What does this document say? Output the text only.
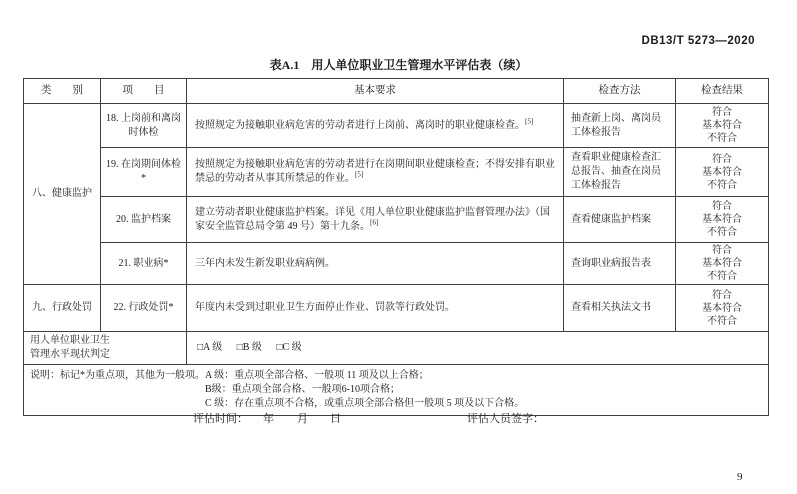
DB13/T 5273—2020
表A.1　用人单位职业卫生管理水平评估表（续）
类　　别	项　　目	基本要求	检查方法	检查结果
八、健康监护	18. 上岗前和离岗时体检	按照规定为接触职业病危害的劳动者进行上岗前、离岗时的职业健康检查。[5]	抽查新上岗、离岗员工体检报告	符合
基本符合
不符合

	19. 在岗期间体检*	按照规定为接触职业病危害的劳动者进行在岗期间职业健康检查；不得安排有职业禁忌的劳动者从事其所禁忌的作业。[5]	查看职业健康检查汇总报告、抽查在岗员工体检报告	符合
基本符合
不符合

	20. 监护档案	建立劳动者职业健康监护档案。详见《用人单位职业健康监护监督管理办法》（国家安全监管总局令第 49 号）第十九条。[6]	查看健康监护档案	符合
基本符合
不符合

	21. 职业病*	三年内未发生新发职业病病例。	查询职业病报告表	符合
基本符合
不符合

九、行政处罚	22. 行政处罚*	年度内未受到过职业卫生方面停止作业、罚款等行政处罚。	查看相关执法文书	符合
基本符合
不符合

用人单位职业卫生
管理水平现状判定		□A 级 □B 级 □C 级		

说明：标记*为重点项，其他为一般项。 A 级：重点项全部合格、一般项 11 项及以上合格；
B级：重点项全部合格、一般项6-10项合格；
C 级：存在重点项不合格，或重点项全部合格但一般项 5 项及以下合格。				
评估时间： 年 月 日	评估人员签字：
9
